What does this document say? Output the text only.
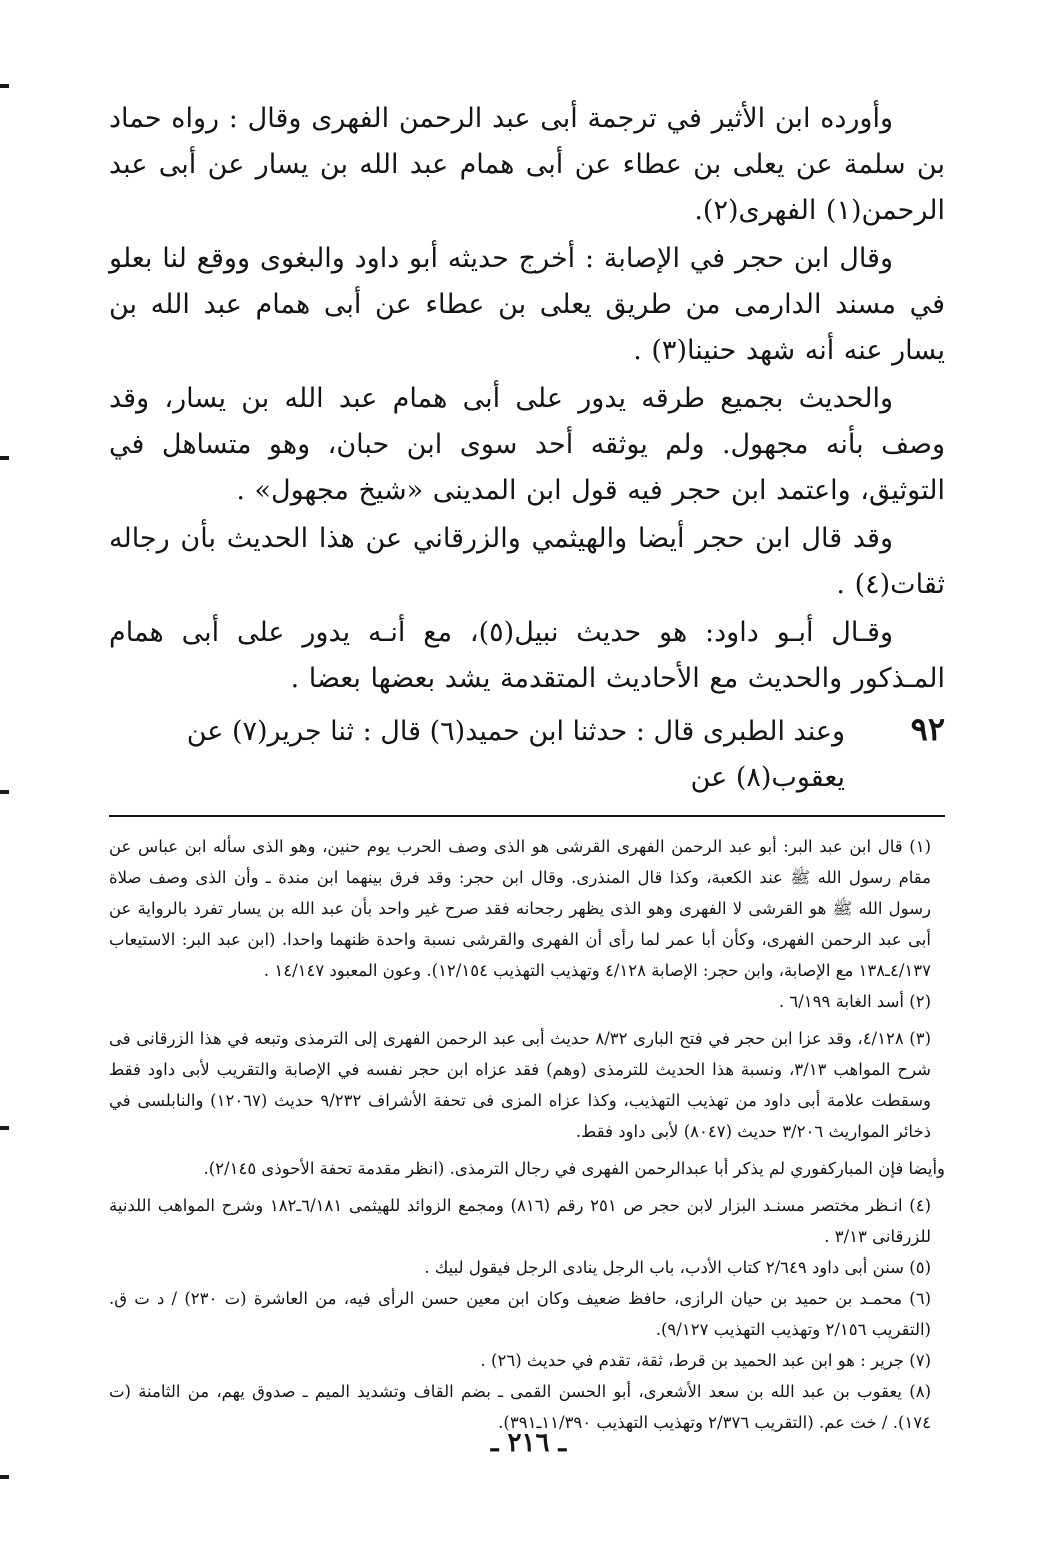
وأورده ابن الأثير في ترجمة أبى عبد الرحمن الفهرى وقال : رواه حماد بن سلمة عن يعلى بن عطاء عن أبى همام عبد الله بن يسار عن أبى عبد الرحمن(١) الفهرى(٢).

وقال ابن حجر في الإصابة : أخرج حديثه أبو داود والبغوى ووقع لنا بعلو في مسند الدارمى من طريق يعلى بن عطاء عن أبى همام عبد الله بن يسار عنه أنه شهد حنينا(٣) .

والحديث بجميع طرقه يدور على أبى همام عبد الله بن يسار، وقد وصف بأنه مجهول. ولم يوثقه أحد سوى ابن حبان، وهو متساهل في التوثيق، واعتمد ابن حجر فيه قول ابن المدينى «شيخ مجهول» .

وقد قال ابن حجر أيضا والهيثمي والزرقاني عن هذا الحديث بأن رجاله ثقات(٤) .

وقـال أبـو داود: هو حديث نبيل(٥)، مع أنـه يدور على أبى همام المـذكور والحديث مع الأحاديث المتقدمة يشد بعضها بعضا .

٩٢
وعند الطبرى قال : حدثنا ابن حميد(٦) قال : ثنا جرير(٧) عن يعقوب(٨) عن

(١) قال ابن عبد البر: أبو عبد الرحمن الفهرى القرشى هو الذى وصف الحرب يوم حنين، وهو الذى سأله ابن عباس عن مقام رسول الله ﷺ عند الكعبة، وكذا قال المنذرى. وقال ابن حجر: وقد فرق بينهما ابن مندة ـ وأن الذى وصف صلاة رسول الله ﷺ هو القرشى لا الفهرى وهو الذى يظهر رجحانه فقد صرح غير واحد بأن عبد الله بن يسار تفرد بالرواية عن أبى عبد الرحمن الفهرى، وكأن أبا عمر لما رأى أن الفهرى والقرشى نسبة واحدة ظنهما واحدا. (ابن عبد البر: الاستيعاب ٤/١٣٧ـ١٣٨ مع الإصابة، وابن حجر: الإصابة ٤/١٢٨ وتهذيب التهذيب ١٢/١٥٤). وعون المعبود ١٤/١٤٧ .

(٢) أسد الغابة ٦/١٩٩ .

(٣) ٤/١٢٨، وقد عزا ابن حجر في فتح البارى ٨/٣٢ حديث أبى عبد الرحمن الفهرى إلى الترمذى وتبعه في هذا الزرقانى فى شرح المواهب ٣/١٣، ونسبة هذا الحديث للترمذى (وهم) فقد عزاه ابن حجر نفسه في الإصابة والتقريب لأبى داود فقط وسقطت علامة أبى داود من تهذيب التهذيب، وكذا عزاه المزى فى تحفة الأشراف ٩/٢٣٢ حديث (١٢٠٦٧) والنابلسى في ذخائر المواريث ٣/٢٠٦ حديث (٨٠٤٧) لأبى داود فقط.

وأيضا فإن المباركفوري لم يذكر أبا عبدالرحمن الفهرى في رجال الترمذى. (انظر مقدمة تحفة الأحوذى ٢/١٤٥).

(٤) انـظر مختصر مسنـد البزار لابن حجر ص ٢٥١ رقم (٨١٦) ومجمع الزوائد للهيثمى ٦/١٨١ـ١٨٢ وشرح المواهب اللدنية للزرقانى ٣/١٣ .

(٥) سنن أبى داود ٢/٦٤٩ كتاب الأدب، باب الرجل ينادى الرجل فيقول لبيك .

(٦) محمـد بن حميد بن حيان الرازى، حافظ ضعيف وكان ابن معين حسن الرأى فيه، من العاشرة (ت ٢٣٠) / د ت ق. (التقريب ٢/١٥٦ وتهذيب التهذيب ٩/١٢٧).

(٧) جرير : هو ابن عبد الحميد بن قرط، ثقة، تقدم في حديث (٢٦) .

(٨) يعقوب بن عبد الله بن سعد الأشعرى، أبو الحسن القمى ـ بضم القاف وتشديد الميم ـ صدوق يهم، من الثامنة (ت ١٧٤). / خت عم. (التقريب ٢/٣٧٦ وتهذيب التهذيب ١١/٣٩٠ـ٣٩١).

ـ ٢١٦ ـ
